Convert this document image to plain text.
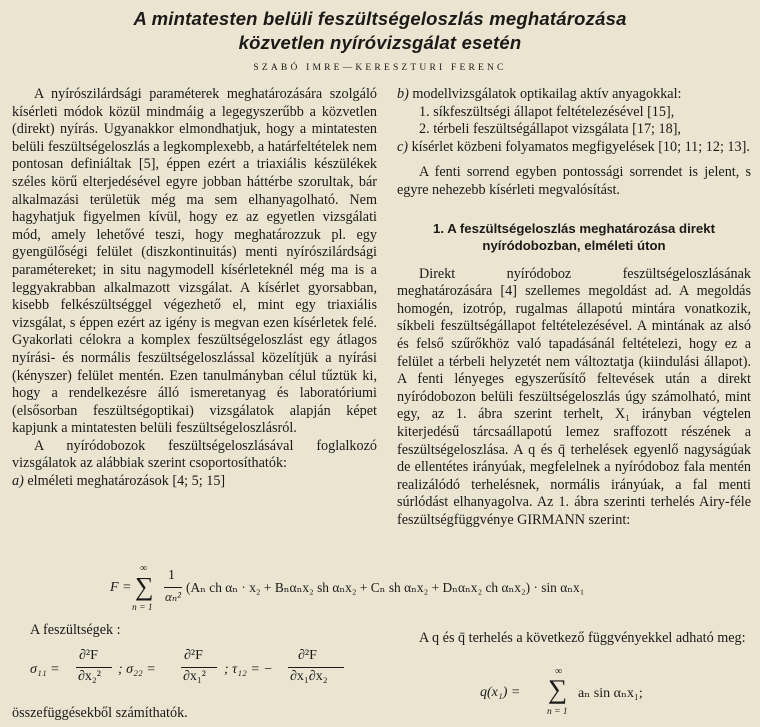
A mintatesten belüli feszültségeloszlás meghatározása
közvetlen nyíróvizsgálat esetén
SZABÓ IMRE—KERESZTURI FERENC

A nyírószilárdsági paraméterek meghatározására szolgáló kísérleti módok közül mindmáig a legegyszerűbb a közvetlen (direkt) nyírás. Ugyanakkor elmondhatjuk, hogy a mintatesten belüli feszültségeloszlás a legkomplexebb, a határfeltételek nem pontosan definiáltak [5], éppen ezért a triaxiális készülékek széles körű elterjedésével egyre jobban háttérbe szorultak, bár alkalmazási területük még ma sem elhanyagolható. Nem hagyhatjuk figyelmen kívül, hogy ez az egyetlen vizsgálati mód, amely lehetővé teszi, hogy meghatározzuk pl. egy gyengülőségi felület (diszkontinuitás) menti nyírószilárdsági paramétereket; in situ nagymodell kísérleteknél még ma is a leggyakrabban alkalmazott vizsgálat. A kísérlet gyorsabban, kisebb felkészültséggel végezhető el, mint egy triaxiális vizsgálat, s éppen ezért az igény is megvan ezen kísérletek felé. Gyakorlati célokra a komplex feszültségeloszlást egy átlagos nyírási- és normális feszültségeloszlással közelítjük a nyírási (kényszer) felület mentén. Ezen tanulmányban célul tűztük ki, hogy a rendelkezésre álló ismeretanyag és laboratóriumi (elsősorban feszültségoptikai) vizsgálatok alapján képet kapjunk a mintatesten belüli feszültségeloszlásról.

A nyíródobozok feszültségeloszlásával foglalkozó vizsgálatok az alábbiak szerint csoportosíthatók:

a) elméleti meghatározások [4; 5; 15]

b) modellvizsgálatok optikailag aktív anyagokkal:

1. síkfeszültségi állapot feltételezésével [15],

2. térbeli feszültségállapot vizsgálata [17; 18],

c) kísérlet közbeni folyamatos megfigyelések [10; 11; 12; 13].

A fenti sorrend egyben pontossági sorrendet is jelent, s egyre nehezebb kísérleti megvalósítást.

1. A feszültségeloszlás meghatározása direkt nyíródobozban, elméleti úton

Direkt nyíródoboz feszültségeloszlásának meghatározására [4] szellemes megoldást ad. A megoldás homogén, izotróp, rugalmas állapotú mintára vonatkozik, síkbeli feszültségállapot feltételezésével. A mintának az alsó és felső szűrőkhöz való tapadásánál feltételezi, hogy ez a felület a térbeli helyzetét nem változtatja (kiindulási állapot). A fenti lényeges egyszerűsítő feltevések után a direkt nyíródobozon belüli feszültségeloszlás úgy számolható, mint egy, az 1. ábra szerint terhelt, X₁ irányban végtelen kiterjedésű tárcsaállapotú lemez sraffozott részének a feszültségeloszlása. A q és q̄ terhelések egyenlő nagyságúak de ellentétes irányúak, megfelelnek a nyíródoboz fala mentén realizálódó terhelésnek, normális irányúak, a fal menti súrlódást elhanyagolva. Az 1. ábra szerinti terhelés Airy-féle feszültségfüggvénye GIRMANN szerint:

F =
∞
∑
n = 1
1
αₙ²
(Aₙ ch αₙ · x₂ + Bₙαₙx₂ sh αₙx₂ + Cₙ sh αₙx₂ + Dₙαₙx₂ ch αₙx₂) · sin αₙx₁
A feszültségek :
σ₁₁ =
∂²F
∂x₂² ; σ₂₂ =
∂²F
∂x₁² ; τ₁₂ = −
∂²F
∂x₁∂x₂
összefüggésekből számíthatók.
A q és q̄ terhelés a következő függvényekkel adható meg:
q(x₁) =
∞
∑
n = 1
aₙ sin αₙx₁;
